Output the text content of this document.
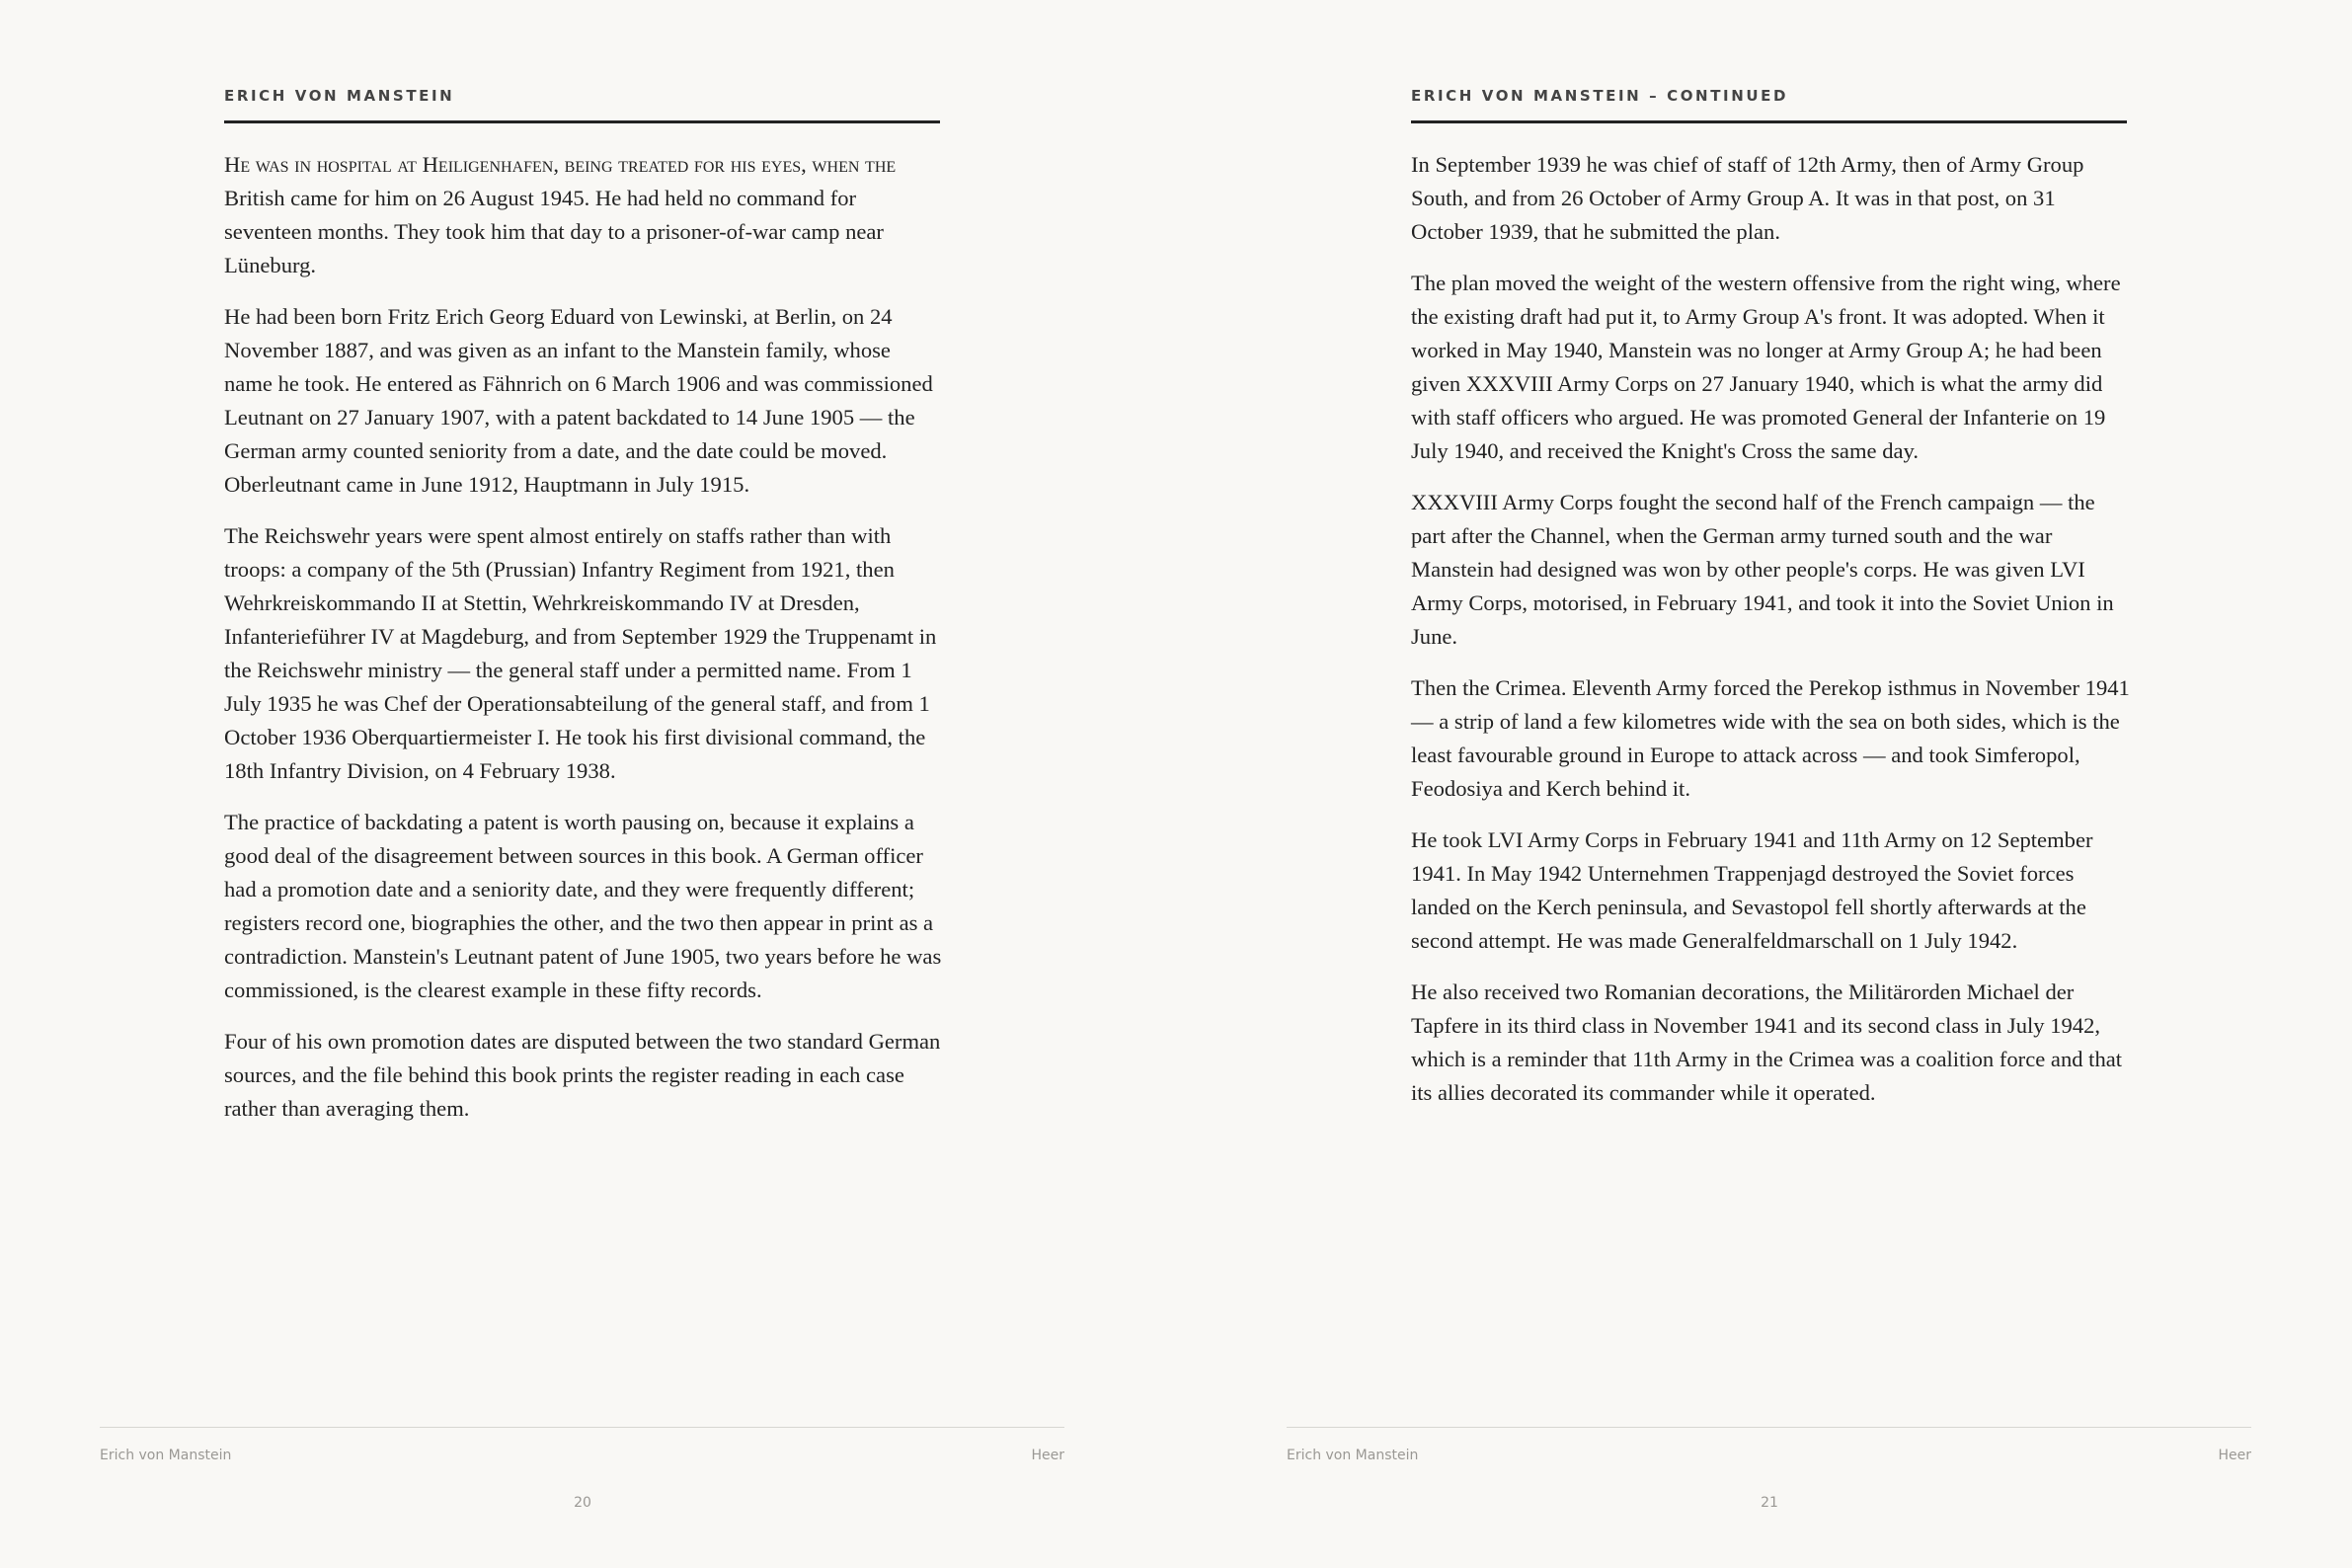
ERICH VON MANSTEIN

He was in hospital at Heiligenhafen, being treated for his eyes, when the British came for him on 26 August 1945. He had held no command for seventeen months. They took him that day to a prisoner-of-war camp near Lüneburg.

He had been born Fritz Erich Georg Eduard von Lewinski, at Berlin, on 24 November 1887, and was given as an infant to the Manstein family, whose name he took. He entered as Fähnrich on 6 March 1906 and was commissioned Leutnant on 27 January 1907, with a patent backdated to 14 June 1905 — the German army counted seniority from a date, and the date could be moved. Oberleutnant came in June 1912, Hauptmann in July 1915.

The Reichswehr years were spent almost entirely on staffs rather than with troops: a company of the 5th (Prussian) Infantry Regiment from 1921, then Wehrkreiskommando II at Stettin, Wehrkreiskommando IV at Dresden, Infanterieführer IV at Magdeburg, and from September 1929 the Truppenamt in the Reichswehr ministry — the general staff under a permitted name. From 1 July 1935 he was Chef der Operationsabteilung of the general staff, and from 1 October 1936 Oberquartiermeister I. He took his first divisional command, the 18th Infantry Division, on 4 February 1938.

The practice of backdating a patent is worth pausing on, because it explains a good deal of the disagreement between sources in this book. A German officer had a promotion date and a seniority date, and they were frequently different; registers record one, biographies the other, and the two then appear in print as a contradiction. Manstein's Leutnant patent of June 1905, two years before he was commissioned, is the clearest example in these fifty records.

Four of his own promotion dates are disputed between the two standard German sources, and the file behind this book prints the register reading in each case rather than averaging them.

Erich von Manstein	Heer
20
ERICH VON MANSTEIN – CONTINUED

In September 1939 he was chief of staff of 12th Army, then of Army Group South, and from 26 October of Army Group A. It was in that post, on 31 October 1939, that he submitted the plan.

The plan moved the weight of the western offensive from the right wing, where the existing draft had put it, to Army Group A's front. It was adopted. When it worked in May 1940, Manstein was no longer at Army Group A; he had been given XXXVIII Army Corps on 27 January 1940, which is what the army did with staff officers who argued. He was promoted General der Infanterie on 19 July 1940, and received the Knight's Cross the same day.

XXXVIII Army Corps fought the second half of the French campaign — the part after the Channel, when the German army turned south and the war Manstein had designed was won by other people's corps. He was given LVI Army Corps, motorised, in February 1941, and took it into the Soviet Union in June.

Then the Crimea. Eleventh Army forced the Perekop isthmus in November 1941 — a strip of land a few kilometres wide with the sea on both sides, which is the least favourable ground in Europe to attack across — and took Simferopol, Feodosiya and Kerch behind it.

He took LVI Army Corps in February 1941 and 11th Army on 12 September 1941. In May 1942 Unternehmen Trappenjagd destroyed the Soviet forces landed on the Kerch peninsula, and Sevastopol fell shortly afterwards at the second attempt. He was made Generalfeldmarschall on 1 July 1942.

He also received two Romanian decorations, the Militärorden Michael der Tapfere in its third class in November 1941 and its second class in July 1942, which is a reminder that 11th Army in the Crimea was a coalition force and that its allies decorated its commander while it operated.

Erich von Manstein	Heer
21
